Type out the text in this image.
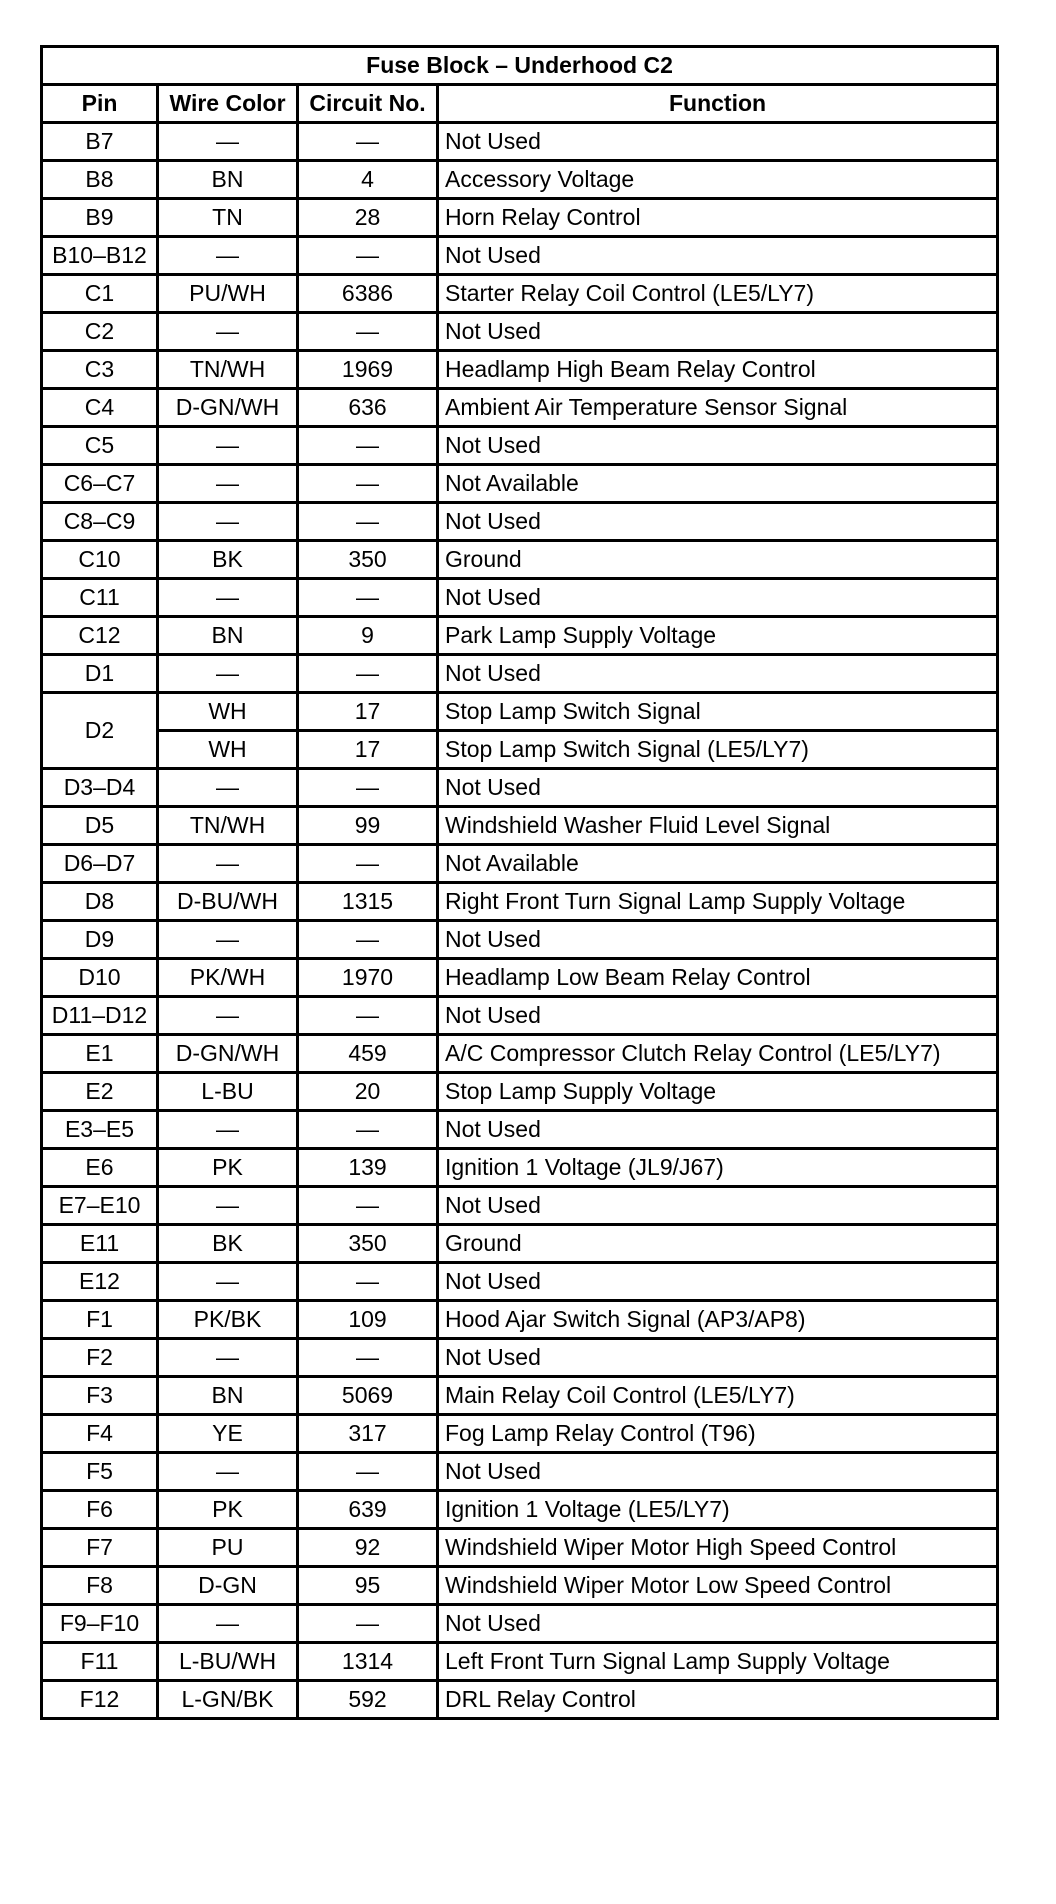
Fuse Block – Underhood C2			
Pin	Wire Color	Circuit No.	Function
B7	—	—	Not Used
B8	BN	4	Accessory Voltage
B9	TN	28	Horn Relay Control
B10–B12	—	—	Not Used
C1	PU/WH	6386	Starter Relay Coil Control (LE5/LY7)
C2	—	—	Not Used
C3	TN/WH	1969	Headlamp High Beam Relay Control
C4	D-GN/WH	636	Ambient Air Temperature Sensor Signal
C5	—	—	Not Used
C6–C7	—	—	Not Available
C8–C9	—	—	Not Used
C10	BK	350	Ground
C11	—	—	Not Used
C12	BN	9	Park Lamp Supply Voltage
D1	—	—	Not Used
D2	WH	17	Stop Lamp Switch Signal
	WH	17	Stop Lamp Switch Signal (LE5/LY7)
D3–D4	—	—	Not Used
D5	TN/WH	99	Windshield Washer Fluid Level Signal
D6–D7	—	—	Not Available
D8	D-BU/WH	1315	Right Front Turn Signal Lamp Supply Voltage
D9	—	—	Not Used
D10	PK/WH	1970	Headlamp Low Beam Relay Control
D11–D12	—	—	Not Used
E1	D-GN/WH	459	A/C Compressor Clutch Relay Control (LE5/LY7)
E2	L-BU	20	Stop Lamp Supply Voltage
E3–E5	—	—	Not Used
E6	PK	139	Ignition 1 Voltage (JL9/J67)
E7–E10	—	—	Not Used
E11	BK	350	Ground
E12	—	—	Not Used
F1	PK/BK	109	Hood Ajar Switch Signal (AP3/AP8)
F2	—	—	Not Used
F3	BN	5069	Main Relay Coil Control (LE5/LY7)
F4	YE	317	Fog Lamp Relay Control (T96)
F5	—	—	Not Used
F6	PK	639	Ignition 1 Voltage (LE5/LY7)
F7	PU	92	Windshield Wiper Motor High Speed Control
F8	D-GN	95	Windshield Wiper Motor Low Speed Control
F9–F10	—	—	Not Used
F11	L-BU/WH	1314	Left Front Turn Signal Lamp Supply Voltage
F12	L-GN/BK	592	DRL Relay Control
